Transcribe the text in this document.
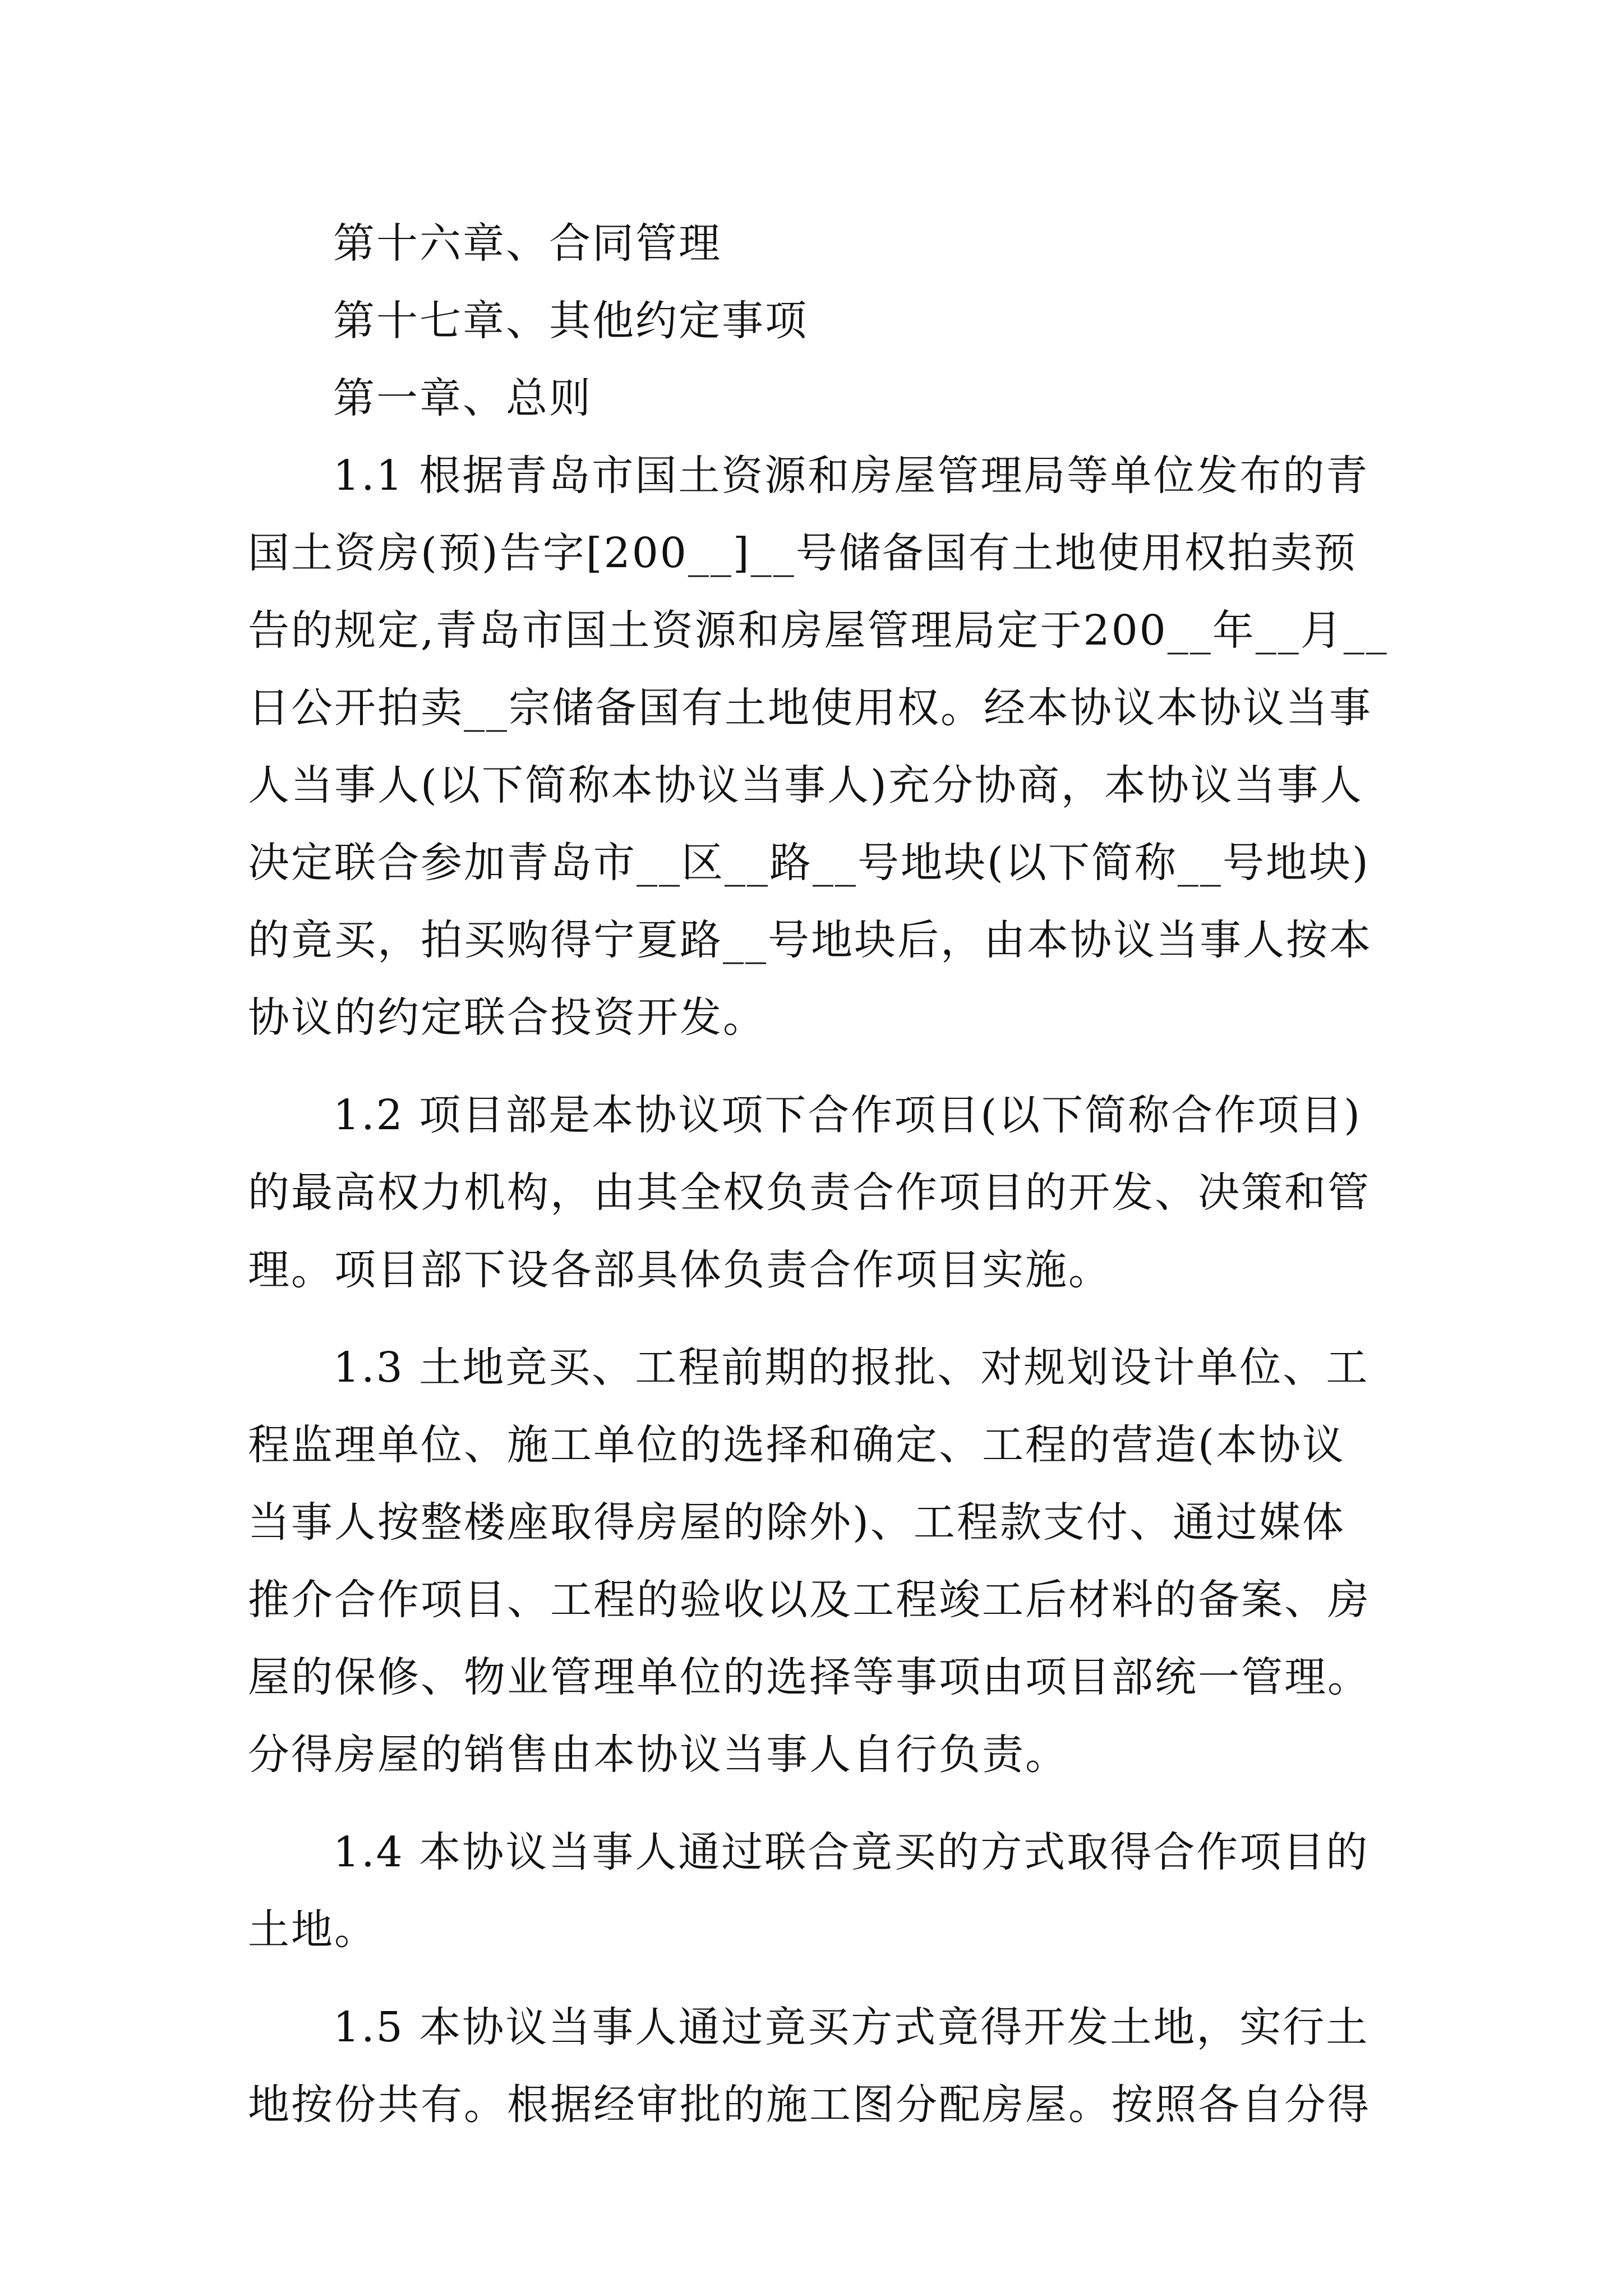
第十六章、合同管理

第十七章、其他约定事项

第一章、总则

1.1 根据青岛市国土资源和房屋管理局等单位发布的青
国土资房(预)告字[200__]__号储备国有土地使用权拍卖预
告的规定,青岛市国土资源和房屋管理局定于200__年__月__
日公开拍卖__宗储备国有土地使用权。经本协议本协议当事
人当事人(以下简称本协议当事人)充分协商，本协议当事人
决定联合参加青岛市__区__路__号地块(以下简称__号地块)
的竟买，拍买购得宁夏路__号地块后，由本协议当事人按本
协议的约定联合投资开发。
1.2 项目部是本协议项下合作项目(以下简称合作项目)
的最高权力机构，由其全权负责合作项目的开发、决策和管
理。项目部下设各部具体负责合作项目实施。
1.3 土地竞买、工程前期的报批、对规划设计单位、工
程监理单位、施工单位的选择和确定、工程的营造(本协议
当事人按整楼座取得房屋的除外)、工程款支付、通过媒体
推介合作项目、工程的验收以及工程竣工后材料的备案、房
屋的保修、物业管理单位的选择等事项由项目部统一管理。
分得房屋的销售由本协议当事人自行负责。
1.4 本协议当事人通过联合竟买的方式取得合作项目的
土地。
1.5 本协议当事人通过竟买方式竟得开发土地，实行土
地按份共有。根据经审批的施工图分配房屋。按照各自分得
